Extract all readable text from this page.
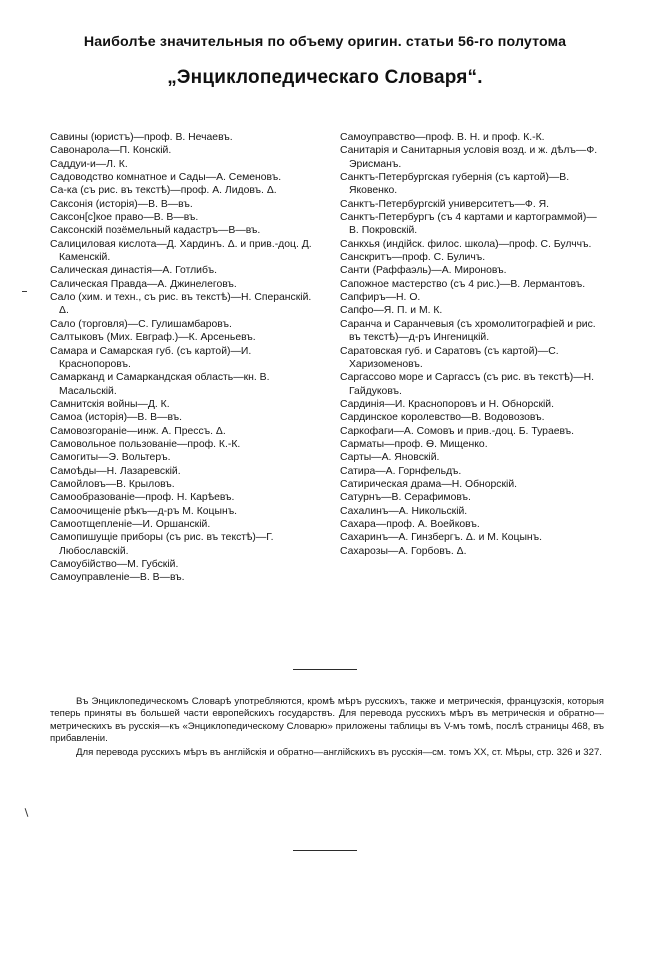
Наиболѣе значительныя по объему оригин. статьи 56-го полутома
„Энциклопедическаго Словаря“.
Савины (юристъ)—проф. В. Нечаевъ.
Савонарола—П. Конскій.
Саддуи-и—Л. К.
Садоводство комнатное и Сады—А. Семеновъ.
Са-ка (съ рис. въ текстѣ)—проф. А. Лидовъ. Δ.
Саксонія (исторія)—В. В—въ.
Саксон[с]кое право—В. В—въ.
Саксонскій позёмельный кадастръ—В—въ.
Салициловая кислота—Д. Хардинъ. Δ. и прив.-доц. Д. Каменскій.
Салическая династія—А. Готлибъ.
Салическая Правда—А. Джинелеговъ.
Сало (хим. и техн., съ рис. въ текстѣ)—Н. Сперанскій. Δ.
Сало (торговля)—С. Гулишамбаровъ.
Салтыковъ (Мих. Евграф.)—К. Арсеньевъ.
Самара и Самарская губ. (съ картой)—И. Краснопоровъ.
Самарканд и Самаркандская область—кн. В. Масальскій.
Самнитскія войны—Д. К.
Самоа (исторія)—В. В—въ.
Самовозгораніе—инж. А. Прессъ. Δ.
Самовольное пользованіе—проф. К.-К.
Самогиты—Э. Вольтеръ.
Самоѣды—Н. Лазаревскій.
Самойловъ—В. Крыловъ.
Самообразованіе—проф. Н. Карѣевъ.
Самоочищеніе рѣкъ—д-ръ М. Коцынъ.
Самоотщепленіе—И. Оршанскій.
Самопишущіе приборы (съ рис. въ текстѣ)—Г. Любославскій.
Самоубійство—М. Губскій.
Самоуправленіе—В. В—въ.
Самоуправство—проф. В. Н. и проф. К.-К.
Санитарія и Санитарныя условія возд. и ж. дѣлъ—Ф. Эрисманъ.
Санктъ-Петербургская губернія (съ картой)—В. Яковенко.
Санктъ-Петербургскій университетъ—Ф. Я.
Санктъ-Петербургъ (съ 4 картами и картограммой)—В. Покровскій.
Санкхья (индійск. филос. школа)—проф. С. Булччъ.
Санскритъ—проф. С. Буличъ.
Санти (Раффаэль)—А. Мироновъ.
Сапожное мастерство (съ 4 рис.)—В. Лермантовъ.
Сапфиръ—Н. О.
Сапфо—Я. П. и М. К.
Саранча и Саранчевыя (съ хромолитографіей и рис. въ текстѣ)—д-ръ Ингеницкій.
Саратовская губ. и Саратовъ (съ картой)—С. Харизоменовъ.
Саргассово море и Саргассъ (съ рис. въ текстѣ)—Н. Гайдуковъ.
Сардинія—И. Краснопоровъ и Н. Обнорскій.
Сардинское королевство—В. Водовозовъ.
Саркофаги—А. Сомовъ и прив.-доц. Б. Тураевъ.
Сарматы—проф. Ѳ. Мищенко.
Сарты—А. Яновскій.
Сатира—А. Горнфельдъ.
Сатирическая драма—Н. Обнорскій.
Сатурнъ—В. Серафимовъ.
Сахалинъ—А. Никольскій.
Сахара—проф. А. Воейковъ.
Сахаринъ—А. Гинзбергъ. Δ. и М. Коцынъ.
Сахарозы—А. Горбовъ. Δ.

Въ Энциклопедическомъ Словарѣ употребляются, кромѣ мѣръ русскихъ, также и метрическія, французскія, которыя теперь приняты въ большей части европейскихъ государствъ. Для перевода русскихъ мѣръ въ метрическія и обратно—метрическихъ въ русскія—къ «Энциклопедическому Словарю» приложены таблицы въ V-мъ томѣ, послѣ страницы 468, въ прибавленіи.

Для перевода русскихъ мѣръ въ англійскія и обратно—англійскихъ въ русскія—см. томъ XX, ст. Мѣры, стр. 326 и 327.
